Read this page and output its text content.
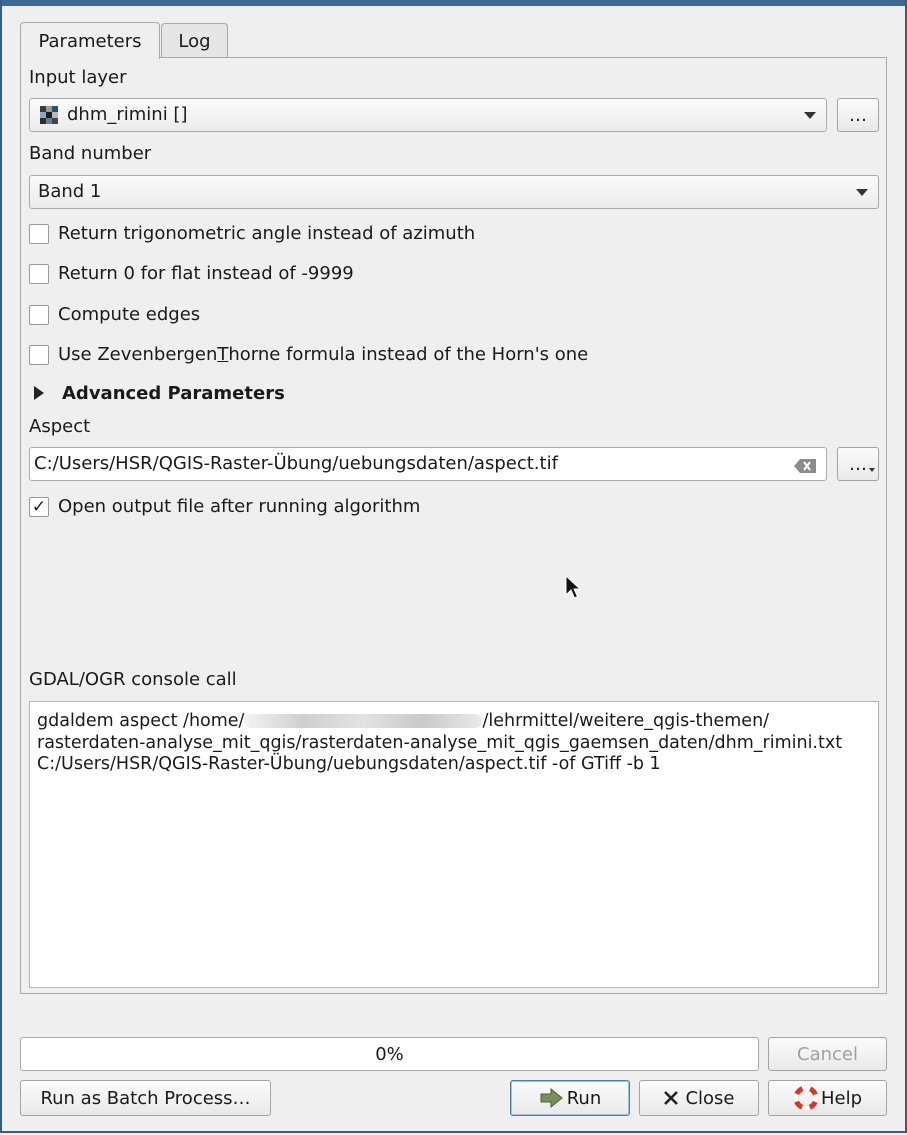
Parameters Log
Input layer
dhm_rimini []	…
Band number
Band 1
Return trigonometric angle instead of azimuth
Return 0 for flat instead of -9999
Compute edges
Use ZevenbergenThorne formula instead of the Horn's one
Advanced Parameters
Aspect
C:/Users/HSR/QGIS-Raster-Übung/uebungsdaten/aspect.tif	…
✓ Open output file after running algorithm
GDAL/OGR console call
gdaldem aspect /home/	/lehrmittel/weitere_qgis-themen/
rasterdaten-analyse_mit_qgis/rasterdaten-analyse_mit_qgis_gaemsen_daten/dhm_rimini.txt
C:/Users/HSR/QGIS-Raster-Übung/uebungsdaten/aspect.tif -of GTiff -b 1
0%	Cancel
Run as Batch Process…	Run	Close	Help
